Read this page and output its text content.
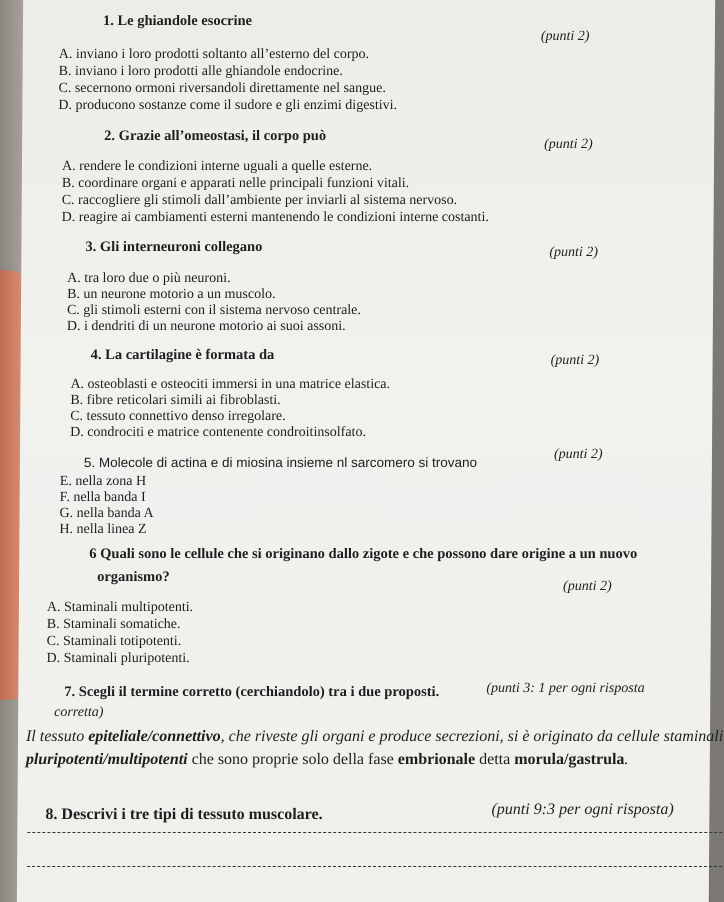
1. Le ghiandole esocrine
(punti 2)
A. inviano i loro prodotti soltanto all’esterno del corpo.
B. inviano i loro prodotti alle ghiandole endocrine.
C. secernono ormoni riversandoli direttamente nel sangue.
D. producono sostanze come il sudore e gli enzimi digestivi.
2. Grazie all’omeostasi, il corpo può
(punti 2)
A. rendere le condizioni interne uguali a quelle esterne.
B. coordinare organi e apparati nelle principali funzioni vitali.
C. raccogliere gli stimoli dall’ambiente per inviarli al sistema nervoso.
D. reagire ai cambiamenti esterni mantenendo le condizioni interne costanti.
3. Gli interneuroni collegano	(punti 2)
A. tra loro due o più neuroni.
B. un neurone motorio a un muscolo.
C. gli stimoli esterni con il sistema nervoso centrale.
D. i dendriti di un neurone motorio ai suoi assoni.
4. La cartilagine è formata da	(punti 2)
A. osteoblasti e osteociti immersi in una matrice elastica.
B. fibre reticolari simili ai fibroblasti.
C. tessuto connettivo denso irregolare.
D. condrociti e matrice contenente condroitinsolfato.
5. Molecole di actina e di miosina insieme nl sarcomero si trovano
(punti 2)
E. nella zona H
F. nella banda I
G. nella banda A
H. nella linea Z
6 Quali sono le cellule che si originano dallo zigote e che possono dare origine a un nuovo
organismo?
(punti 2)
A. Staminali multipotenti.
B. Staminali somatiche.
C. Staminali totipotenti.
D. Staminali pluripotenti.
7. Scegli il termine corretto (cerchiandolo) tra i due proposti.	(punti 3: 1 per ogni risposta
corretta)
Il tessuto epiteliale/connettivo, che riveste gli organi e produce secrezioni, si è originato da cellule staminali
pluripotenti/multipotenti che sono proprie solo della fase embrionale detta morula/gastrula.
8. Descrivi i tre tipi di tessuto muscolare.	(punti 9:3 per ogni risposta)
